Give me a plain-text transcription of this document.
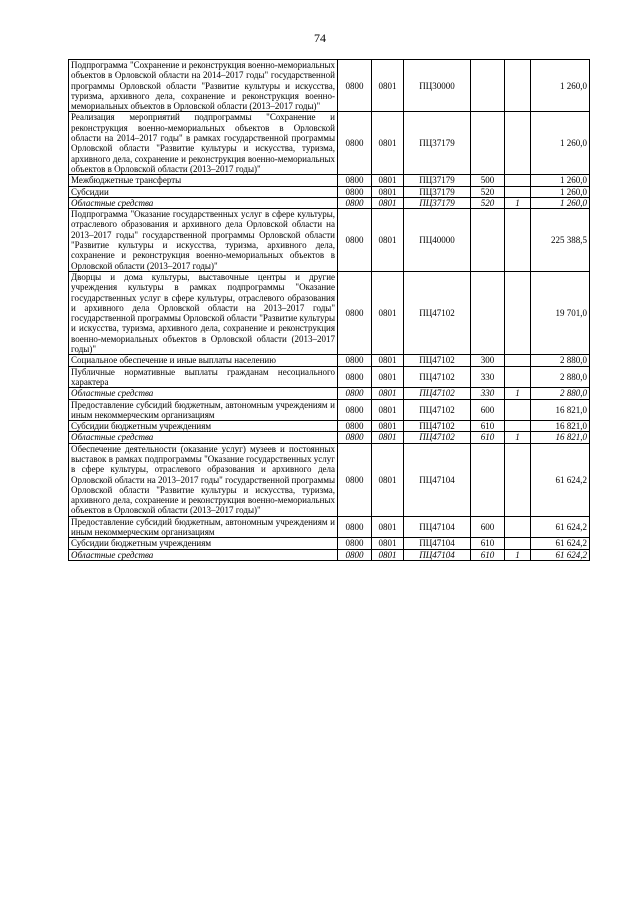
74
Подпрограмма "Сохранение и реконструкция военно-мемориальных объектов в Орловской области на 2014–2017 годы" государственной программы Орловской области "Развитие культуры и искусства, туризма, архивного дела, сохранение и реконструкция военно-мемориальных объектов в Орловской области (2013–2017 годы)"	0800	0801	ПЦ30000			1 260,0
Реализация мероприятий подпрограммы "Сохранение и реконструкция военно-мемориальных объектов в Орловской области на 2014–2017 годы" в рамках государственной программы Орловской области "Развитие культуры и искусства, туризма, архивного дела, сохранение и реконструкция военно-мемориальных объектов в Орловской области (2013–2017 годы)"	0800	0801	ПЦ37179			1 260,0
Межбюджетные трансферты	0800	0801	ПЦ37179	500		1 260,0
Субсидии	0800	0801	ПЦ37179	520		1 260,0
Областные средства	0800	0801	ПЦ37179	520	1	1 260,0
Подпрограмма "Оказание государственных услуг в сфере культуры, отраслевого образования и архивного дела Орловской области на 2013–2017 годы" государственной программы Орловской области "Развитие культуры и искусства, туризма, архивного дела, сохранение и реконструкция военно-мемориальных объектов в Орловской области (2013–2017 годы)"	0800	0801	ПЦ40000			225 388,5
Дворцы и дома культуры, выставочные центры и другие учреждения культуры в рамках подпрограммы "Оказание государственных услуг в сфере культуры, отраслевого образования и архивного дела Орловской области на 2013–2017 годы" государственной программы Орловской области "Развитие культуры и искусства, туризма, архивного дела, сохранение и реконструкция военно-мемориальных объектов в Орловской области (2013–2017 годы)"	0800	0801	ПЦ47102			19 701,0
Социальное обеспечение и иные выплаты населению	0800	0801	ПЦ47102	300		2 880,0
Публичные нормативные выплаты гражданам несоциального характера	0800	0801	ПЦ47102	330		2 880,0
Областные средства	0800	0801	ПЦ47102	330	1	2 880,0
Предоставление субсидий бюджетным, автономным учреждениям и иным некоммерческим организациям	0800	0801	ПЦ47102	600		16 821,0
Субсидии бюджетным учреждениям	0800	0801	ПЦ47102	610		16 821,0
Областные средства	0800	0801	ПЦ47102	610	1	16 821,0
Обеспечение деятельности (оказание услуг) музеев и постоянных выставок в рамках подпрограммы "Оказание государственных услуг в сфере культуры, отраслевого образования и архивного дела Орловской области на 2013–2017 годы" государственной программы Орловской области "Развитие культуры и искусства, туризма, архивного дела, сохранение и реконструкция военно-мемориальных объектов в Орловской области (2013–2017 годы)"	0800	0801	ПЦ47104			61 624,2
Предоставление субсидий бюджетным, автономным учреждениям и иным некоммерческим организациям	0800	0801	ПЦ47104	600		61 624,2
Субсидии бюджетным учреждениям	0800	0801	ПЦ47104	610		61 624,2
Областные средства	0800	0801	ПЦ47104	610	1	61 624,2
